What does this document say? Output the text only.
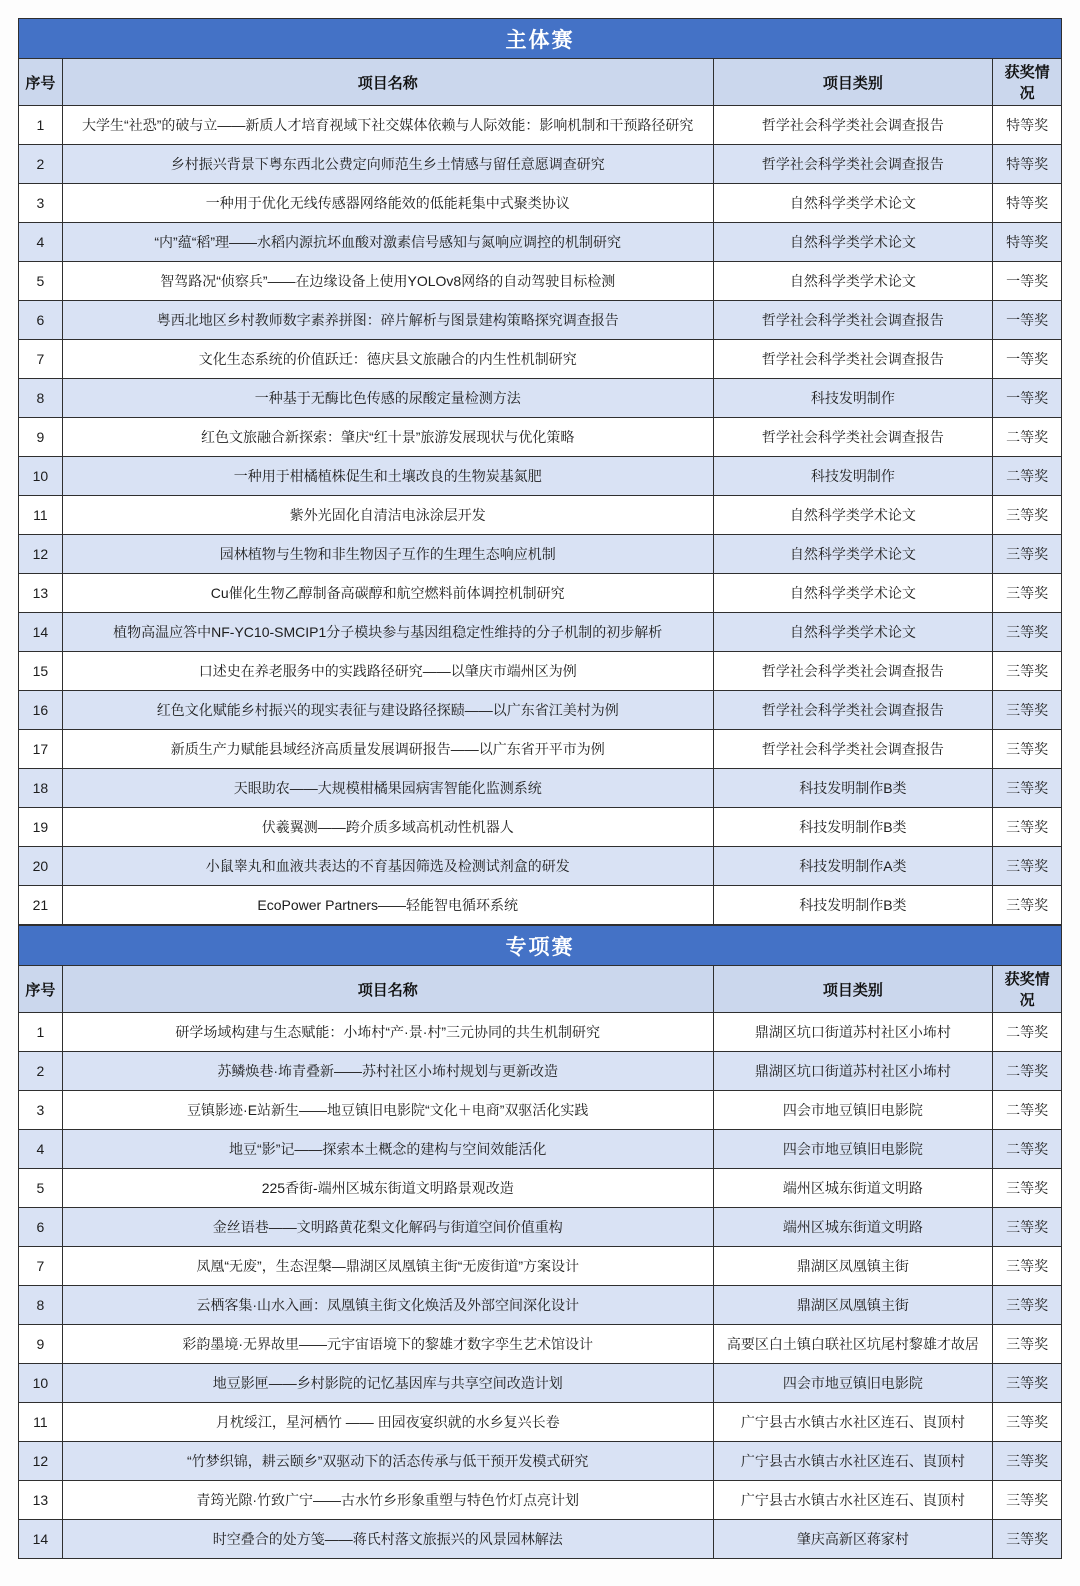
主体赛			
序号	项目名称	项目类别	获奖情况
1	大学生“社恐”的破与立——新质人才培育视域下社交媒体依赖与人际效能：影响机制和干预路径研究	哲学社会科学类社会调查报告	特等奖
2	乡村振兴背景下粤东西北公费定向师范生乡土情感与留任意愿调查研究	哲学社会科学类社会调查报告	特等奖
3	一种用于优化无线传感器网络能效的低能耗集中式聚类协议	自然科学类学术论文	特等奖
4	“内”蕴“稻”理——水稻内源抗坏血酸对激素信号感知与氮响应调控的机制研究	自然科学类学术论文	特等奖
5	智驾路况“侦察兵”——在边缘设备上使用YOLOv8网络的自动驾驶目标检测	自然科学类学术论文	一等奖
6	粤西北地区乡村教师数字素养拼图：碎片解析与图景建构策略探究调查报告	哲学社会科学类社会调查报告	一等奖
7	文化生态系统的价值跃迁：德庆县文旅融合的内生性机制研究	哲学社会科学类社会调查报告	一等奖
8	一种基于无酶比色传感的尿酸定量检测方法	科技发明制作	一等奖
9	红色文旅融合新探索：肇庆“红十景”旅游发展现状与优化策略	哲学社会科学类社会调查报告	二等奖
10	一种用于柑橘植株促生和土壤改良的生物炭基氮肥	科技发明制作	二等奖
11	紫外光固化自清洁电泳涂层开发	自然科学类学术论文	三等奖
12	园林植物与生物和非生物因子互作的生理生态响应机制	自然科学类学术论文	三等奖
13	Cu催化生物乙醇制备高碳醇和航空燃料前体调控机制研究	自然科学类学术论文	三等奖
14	植物高温应答中NF-YC10-SMCIP1分子模块参与基因组稳定性维持的分子机制的初步解析	自然科学类学术论文	三等奖
15	口述史在养老服务中的实践路径研究——以肇庆市端州区为例	哲学社会科学类社会调查报告	三等奖
16	红色文化赋能乡村振兴的现实表征与建设路径探赜——以广东省江美村为例	哲学社会科学类社会调查报告	三等奖
17	新质生产力赋能县域经济高质量发展调研报告——以广东省开平市为例	哲学社会科学类社会调查报告	三等奖
18	天眼助农——大规模柑橘果园病害智能化监测系统	科技发明制作B类	三等奖
19	伏羲翼测——跨介质多域高机动性机器人	科技发明制作B类	三等奖
20	小鼠睾丸和血液共表达的不育基因筛选及检测试剂盒的研发	科技发明制作A类	三等奖
21	EcoPower Partners——轻能智电循环系统	科技发明制作B类	三等奖
专项赛			
序号	项目名称	项目类别	获奖情况
1	研学场域构建与生态赋能：小㘵村“产·景·村”三元协同的共生机制研究	鼎湖区坑口街道苏村社区小㘵村	二等奖
2	苏鳞焕巷·㘵青叠新——苏村社区小㘵村规划与更新改造	鼎湖区坑口街道苏村社区小㘵村	二等奖
3	豆镇影迹·E站新生——地豆镇旧电影院“文化＋电商”双驱活化实践	四会市地豆镇旧电影院	二等奖
4	地豆“影”记——探索本土概念的建构与空间效能活化	四会市地豆镇旧电影院	二等奖
5	225香街-端州区城东街道文明路景观改造	端州区城东街道文明路	三等奖
6	金丝语巷——文明路黄花梨文化解码与街道空间价值重构	端州区城东街道文明路	三等奖
7	凤凰“无废”，生态涅槃—鼎湖区凤凰镇主街“无废街道”方案设计	鼎湖区凤凰镇主街	三等奖
8	云栖客集·山水入画：凤凰镇主街文化焕活及外部空间深化设计	鼎湖区凤凰镇主街	三等奖
9	彩韵墨境·无界故里——元宇宙语境下的黎雄才数字孪生艺术馆设计	高要区白土镇白联社区坑尾村黎雄才故居	三等奖
10	地豆影匣——乡村影院的记忆基因库与共享空间改造计划	四会市地豆镇旧电影院	三等奖
11	月枕绥江，星河栖竹 —— 田园夜宴织就的水乡复兴长卷	广宁县古水镇古水社区连石、崀顶村	三等奖
12	“竹梦织锦，耕云颐乡”双驱动下的活态传承与低干预开发模式研究	广宁县古水镇古水社区连石、崀顶村	三等奖
13	青筠光隙·竹致广宁——古水竹乡形象重塑与特色竹灯点亮计划	广宁县古水镇古水社区连石、崀顶村	三等奖
14	时空叠合的处方笺——蒋氏村落文旅振兴的风景园林解法	肇庆高新区蒋家村	三等奖
